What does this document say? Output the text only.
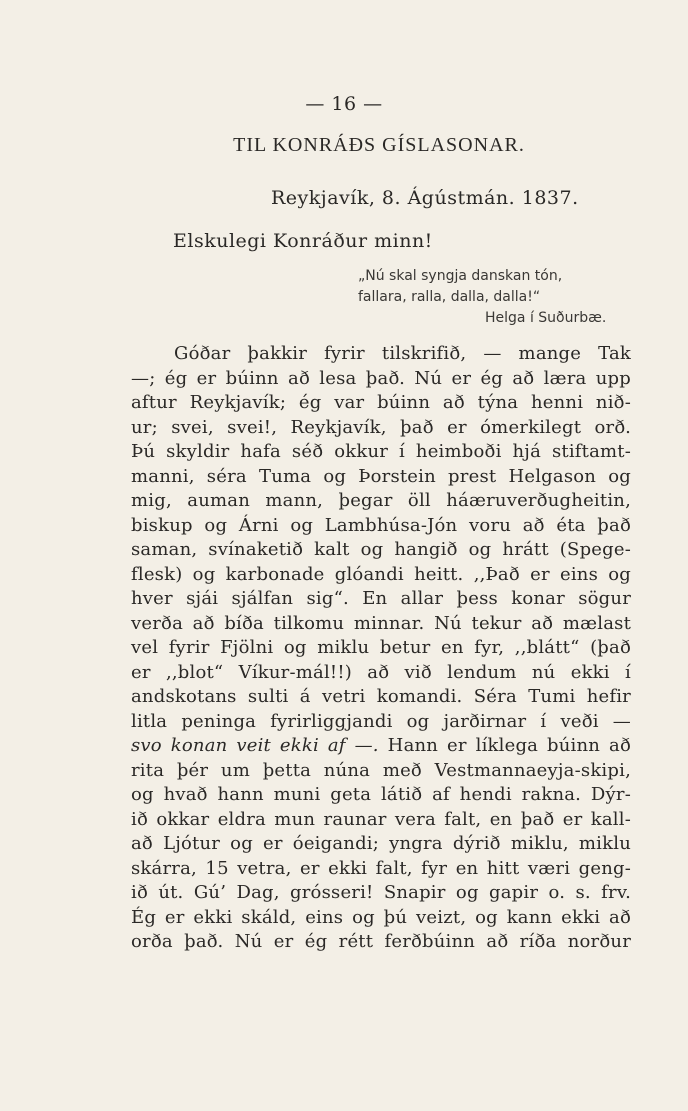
— 16 —
TIL KONRÁÐS GÍSLASONAR.
Reykjavík, 8. Ágústmán. 1837.
Elskulegi Konráður minn!
„Nú skal syngja danskan tón,
fallara, ralla, dalla, dalla!“
Helga í Suðurbæ.
Góðar þakkir fyrir tilskrifið, — mange Tak
—; ég er búinn að lesa það. Nú er ég að læra upp
aftur Reykjavík; ég var búinn að týna henni nið-
ur; svei, svei!, Reykjavík, það er ómerkilegt orð.
Þú skyldir hafa séð okkur í heimboði hjá stiftamt-
manni, séra Tuma og Þorstein prest Helgason og
mig, auman mann, þegar öll háæruverðugheitin,
biskup og Árni og Lambhúsa-Jón voru að éta það
saman, svínaketið kalt og hangið og hrátt (Spege-
flesk) og karbonade glóandi heitt. ,,Það er eins og
hver sjái sjálfan sig“. En allar þess konar sögur
verða að bíða tilkomu minnar. Nú tekur að mælast
vel fyrir Fjölni og miklu betur en fyr, ,,blátt“ (það
er ,,blot“ Víkur-mál!!) að við lendum nú ekki í
andskotans sulti á vetri komandi. Séra Tumi hefir
litla peninga fyrirliggjandi og jarðirnar í veði —
svo konan veit ekki af —. Hann er líklega búinn að
rita þér um þetta núna með Vestmannaeyja-skipi,
og hvað hann muni geta látið af hendi rakna. Dýr-
ið okkar eldra mun raunar vera falt, en það er kall-
að Ljótur og er óeigandi; yngra dýrið miklu, miklu
skárra, 15 vetra, er ekki falt, fyr en hitt væri geng-
ið út. Gú’ Dag, grósseri! Snapir og gapir o. s. frv.
Ég er ekki skáld, eins og þú veizt, og kann ekki að
orða það. Nú er ég rétt ferðbúinn að ríða norður
